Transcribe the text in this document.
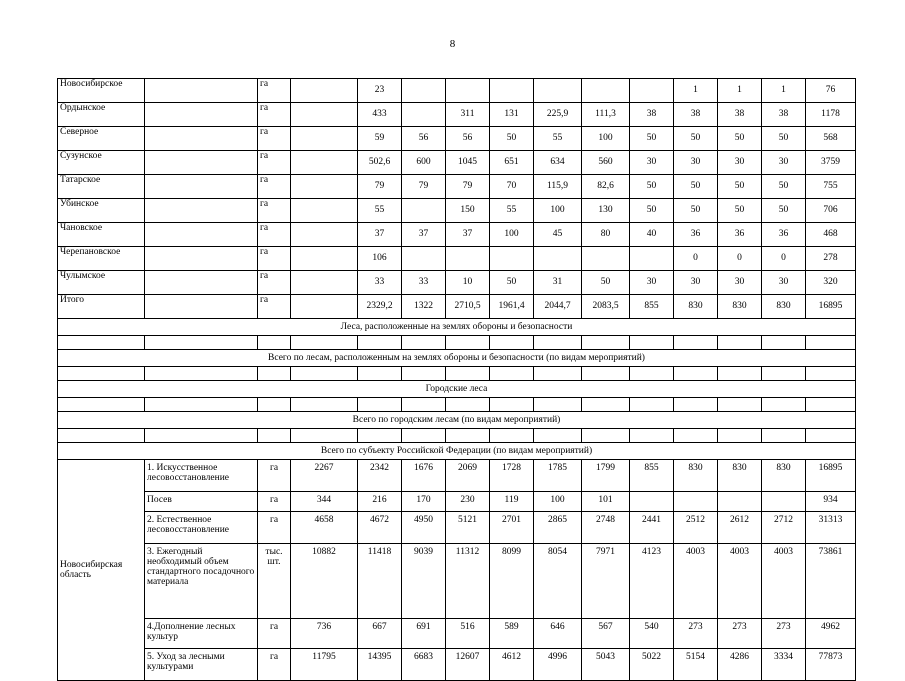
8
Новосибирское		га		23							1	1	1	76
Ордынское		га		433		311	131	225,9	111,3	38	38	38	38	1178
Северное		га		59	56	56	50	55	100	50	50	50	50	568
Сузунское		га		502,6	600	1045	651	634	560	30	30	30	30	3759
Татарское		га		79	79	79	70	115,9	82,6	50	50	50	50	755
Убинское		га		55		150	55	100	130	50	50	50	50	706
Чановское		га		37	37	37	100	45	80	40	36	36	36	468
Черепановское		га		106							0	0	0	278
Чулымское		га		33	33	10	50	31	50	30	30	30	30	320
Итого		га		2329,2	1322	2710,5	1961,4	2044,7	2083,5	855	830	830	830	16895
Леса, расположенные на землях обороны и безопасности														

Всего по лесам, расположенным на землях обороны и безопасности (по видам мероприятий)														

Городские леса														

Всего по городским лесам (по видам мероприятий)														

Всего по субъекту Российской Федерации (по видам мероприятий)														
Новосибирская область	1. Искусственное лесовосстановление	га	2267	2342	1676	2069	1728	1785	1799	855	830	830	830	16895
	Посев	га	344	216	170	230	119	100	101					934
	2. Естественное лесовосстановление	га	4658	4672	4950	5121	2701	2865	2748	2441	2512	2612	2712	31313
	3. Ежегодный необходимый объем стандартного посадочного материала	тыс. шт.	10882	11418	9039	11312	8099	8054	7971	4123	4003	4003	4003	73861
	4.Дополнение лесных культур	га	736	667	691	516	589	646	567	540	273	273	273	4962
	5. Уход за лесными культурами	га	11795	14395	6683	12607	4612	4996	5043	5022	5154	4286	3334	77873
